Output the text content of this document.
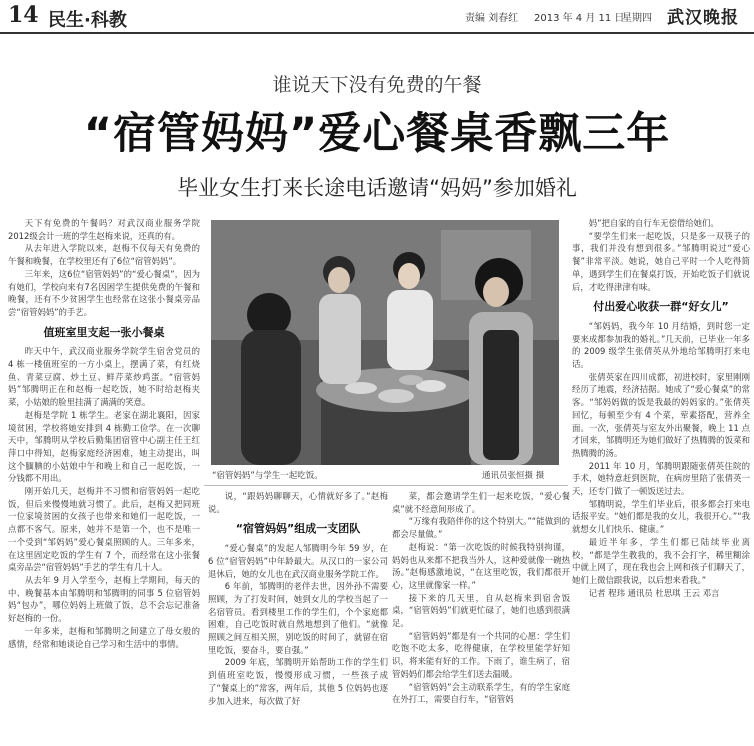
14 民生·科教	责编 刘春红 2013 年 4 月 11 日
星期四 武汉晚报
谁说天下没有免费的午餐
“宿管妈妈”爱心餐桌香飘三年
毕业女生打来长途电话邀请“妈妈”参加婚礼

天下有免费的午餐吗？对武汉商业服务学院2012级会计一班的学生赵梅来说，还真的有。

从去年进入学院以来，赵梅不仅每天有免费的午餐和晚餐，在学校里还有了6位“宿管妈妈”。

三年来，这6位“宿管妈妈”的“爱心餐桌”，因为有她们，学校向来有7名因困学生提供免费的午餐和晚餐，还有不少贫困学生也经常在这张小餐桌旁品尝“宿管妈妈”的手艺。

值班室里支起一张小餐桌

昨天中午，武汉商业服务学院学生宿舍党员的 4 栋一楼值班室的一方小桌上，摆满了菜，有红烧鱼、青菜豆腐、炒土豆、鲜芹菜炒鸡蛋。“宿管妈妈”邹腾明正在和赵梅一起吃饭，她不时给赵梅夹菜，小姑娘的脸里挂满了满满的笑意。

赵梅是学院 1 栋学生。老家在湖北襄阳，因家境贫困，学校将她安排到 4 栋勤工俭学。在一次聊天中，邹腾明从学校后勤集团宿管中心副主任王红萍口中得知，赵梅家庭经济困难，她主动提出，叫这个腼腆的小姑娘中午和晚上和自己一起吃饭，一分钱都不用出。

刚开始几天，赵梅并不习惯和宿管妈妈一起吃饭，但后来慢慢地就习惯了。此后，赵梅又把同班一位家境贫困的女孩子也带来和她们一起吃饭，一点都不客气。原来，她并不是第一个，也不是唯一一个受到“邹妈妈”爱心餐桌照顾的人。三年多来，在这里固定吃饭的学生有 7 个，而经常在这小张餐桌旁品尝“宿管妈妈”手艺的学生有几十人。

从去年 9 月入学至今，赵梅上学期间，每天的中、晚餐基本由邹腾明和邹腾明的同事 5 位宿管妈妈“包办”，哪位妈妈上班做了饭，总不会忘记准备好赵梅的一份。

一年多来，赵梅和邹腾明之间建立了母女般的感情，经常和她谈论自己学习和生活中的事情。

“宿管妈妈”与学生一起吃饭。	通讯员张恒摄 摄

说，“跟妈妈聊聊天，心情就好多了。”赵梅说。

“宿管妈妈”组成一支团队

“爱心餐桌”的发起人邹腾明今年 59 岁，在 6 位“宿管妈妈”中年龄最大。从汉口的一家公司退休后，她的女儿也在武汉商业服务学院工作。

6 年前，邹腾明的老伴去世，因外孙不需要照顾，为了打发时间，她到女儿的学校当起了一名宿管员。看到楼里工作的学生们，个个家庭都困难，自己吃饭时就自然地想到了他们。“就像照顾之间互相关照，别吃饭的时间了，就留在宿里吃饭，要奋斗，要自强。”

2009 年底，邹腾明开始帮助工作的学生们到值班室吃饭，慢慢形成习惯，一些孩子成了“餐桌上的”常客，两年后，其他 5 位妈妈也逐步加入进来，每次做了好

菜，都会邀请学生们一起来吃饭，“爱心餐桌”就不经意间形成了。

“万缘有我陪伴你的这个特别大。”“能做到的都会尽量做。”

赵梅说：“第一次吃饭的时候我特别拘谨，妈妈也从来都不把我当外人，这种爱就像一碗热汤。”赵梅感激地说，“在这里吃饭，我们都很开心，这里就像家一样。”

接下来的几天里，自从赵梅来到宿舍饭桌，“宿管妈妈”们就更忙碌了，她们也感到很满足。

“宿管妈妈”都是有一个共同的心愿：学生们吃饱不吃太多，吃得健康，在学校里能学好知识，将来能有好的工作。下雨了，谁生病了，宿管妈妈们都会给学生们送去温暖。

“宿管妈妈”会主动联系学生，有的学生家庭在外打工，需要自行车，“宿管妈

妈”把自家的自行车无偿借给她们。

“要学生们来一起吃饭，只是多一双筷子的事，我们并没有想到很多。”邹腾明说过“爱心餐”非常平淡。她说，她自己平时一个人吃得简单，遇到学生们在餐桌打饭，开始吃饭子们就说后，才吃得津津有味。

付出爱心收获一群“好女儿”

“邹妈妈，我今年 10 月结婚，到时您一定要来成都参加我的婚礼。”几天前，已毕业一年多的 2009 级学生张倩英从外地给邹腾明打来电话。

张倩英家在四川成都，初进校时，家里刚刚经历了地震，经济拮据。她成了“爱心餐桌”的常客。“邹妈妈做的饭是我最的妈妈家的。”张倩英回忆，每顿至少有 4 个菜，荤素搭配，营养全面。一次，张倩英与室友外出聚餐，晚上 11 点才回来，邹腾明还为她们做好了热腾腾的饭菜和热腾腾的汤。

2011 年 10 月，邹腾明跟随张倩英住院的手术，她特意赶到医院，在病房里陪了张倩英一天，还专门做了一顿饭送过去。

邹腾明说，学生们毕业后，很多都会打来电话报平安。“她们都是我的女儿，我很开心。”“我就想女儿们快乐、健康。”

最近半年多，学生们都已陆续毕业离校，“都是学生教我的，我不会打字，稀里糊涂中就上网了，现在我也会上网和孩子们聊天了，她们上微信跟我说，以后想来看我。”

记者 程玮 通讯员 杜思琪 王云 邓言
